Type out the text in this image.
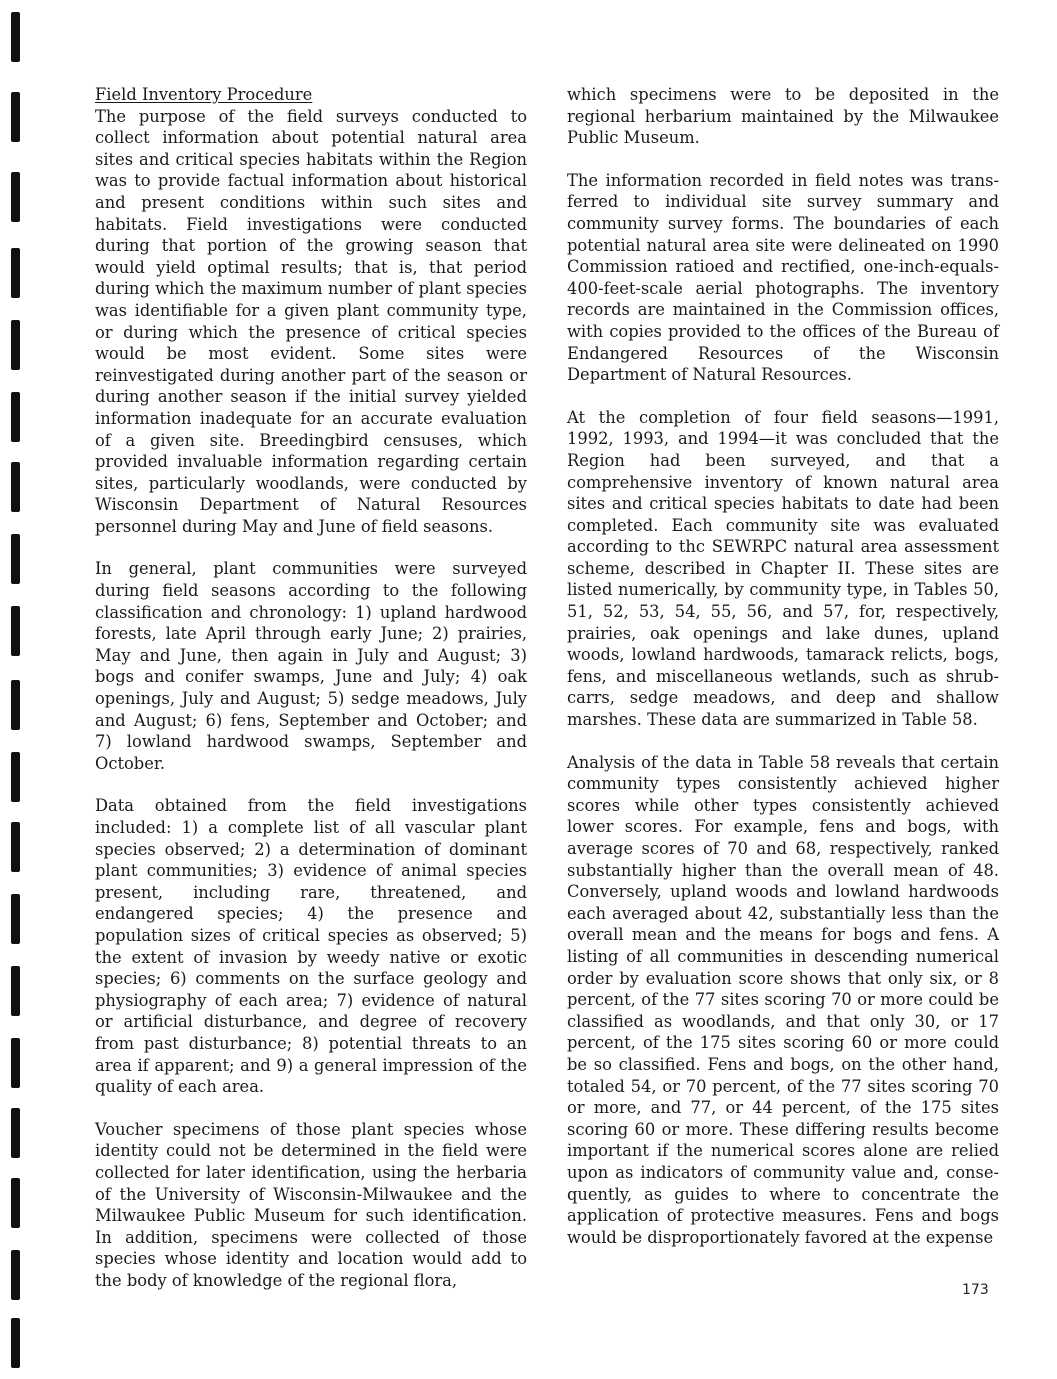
Field Inventory Procedure

The purpose of the field surveys conducted to collect information about potential natural area sites and critical species habitats within the Region was to provide factual information about historical and present conditions within such sites and habitats. Field investigations were conducted during that portion of the growing season that would yield optimal results; that is, that period during which the maximum number of plant species was identifiable for a given plant community type, or during which the presence of critical species would be most evident. Some sites were reinvestigated during another part of the season or during another season if the initial survey yielded information inadequate for an accurate evaluation of a given site. Breedingbird censuses, which provided invaluable information regarding certain sites, particularly woodlands, were conducted by Wisconsin Department of Natural Resources personnel during May and June of field seasons.

In general, plant communities were surveyed during field seasons according to the following classification and chronology: 1) upland hardwood forests, late April through early June; 2) prairies, May and June, then again in July and August; 3) bogs and conifer swamps, June and July; 4) oak openings, July and August; 5) sedge meadows, July and August; 6) fens, September and October; and 7) lowland hardwood swamps, September and October.

Data obtained from the field investigations included: 1) a complete list of all vascular plant species observed; 2) a determination of dominant plant communities; 3) evidence of animal species present, including rare, threatened, and endangered species; 4) the presence and population sizes of critical species as observed; 5) the extent of invasion by weedy native or exotic species; 6) comments on the surface geology and physiography of each area; 7) evidence of natural or artificial disturbance, and degree of recovery from past disturbance; 8) potential threats to an area if apparent; and 9) a general impression of the quality of each area.

Voucher specimens of those plant species whose identity could not be determined in the field were collected for later identification, using the herbaria of the University of Wisconsin-Milwaukee and the Milwaukee Public Museum for such identification. In addition, specimens were collected of those species whose identity and location would add to the body of knowledge of the regional flora,

which specimens were to be deposited in the regional herbarium maintained by the Milwaukee Public Museum.

The information recorded in field notes was transferred to individual site survey summary and community survey forms. The boundaries of each potential natural area site were delineated on 1990 Commission ratioed and rectified, one-inch-equals-400-feet-scale aerial photographs. The inventory records are maintained in the Commission offices, with copies provided to the offices of the Bureau of Endangered Resources of the Wisconsin Department of Natural Resources.

At the completion of four field seasons—1991, 1992, 1993, and 1994—it was concluded that the Region had been surveyed, and that a comprehensive inventory of known natural area sites and critical species habitats to date had been completed. Each community site was evaluated according to thc SEWRPC natural area assessment scheme, described in Chapter II. These sites are listed numerically, by community type, in Tables 50, 51, 52, 53, 54, 55, 56, and 57, for, respectively, prairies, oak openings and lake dunes, upland woods, lowland hardwoods, tamarack relicts, bogs, fens, and miscellaneous wetlands, such as shrub-carrs, sedge meadows, and deep and shallow marshes. These data are summarized in Table 58.

Analysis of the data in Table 58 reveals that certain community types consistently achieved higher scores while other types consistently achieved lower scores. For example, fens and bogs, with average scores of 70 and 68, respectively, ranked substantially higher than the overall mean of 48. Conversely, upland woods and lowland hardwoods each averaged about 42, substantially less than the overall mean and the means for bogs and fens. A listing of all communities in descending numerical order by evaluation score shows that only six, or 8 percent, of the 77 sites scoring 70 or more could be classified as woodlands, and that only 30, or 17 percent, of the 175 sites scoring 60 or more could be so classified. Fens and bogs, on the other hand, totaled 54, or 70 percent, of the 77 sites scoring 70 or more, and 77, or 44 percent, of the 175 sites scoring 60 or more. These differing results become important if the numerical scores alone are relied upon as indicators of community value and, consequently, as guides to where to concentrate the application of protective measures. Fens and bogs would be disproportionately favored at the expense

173
